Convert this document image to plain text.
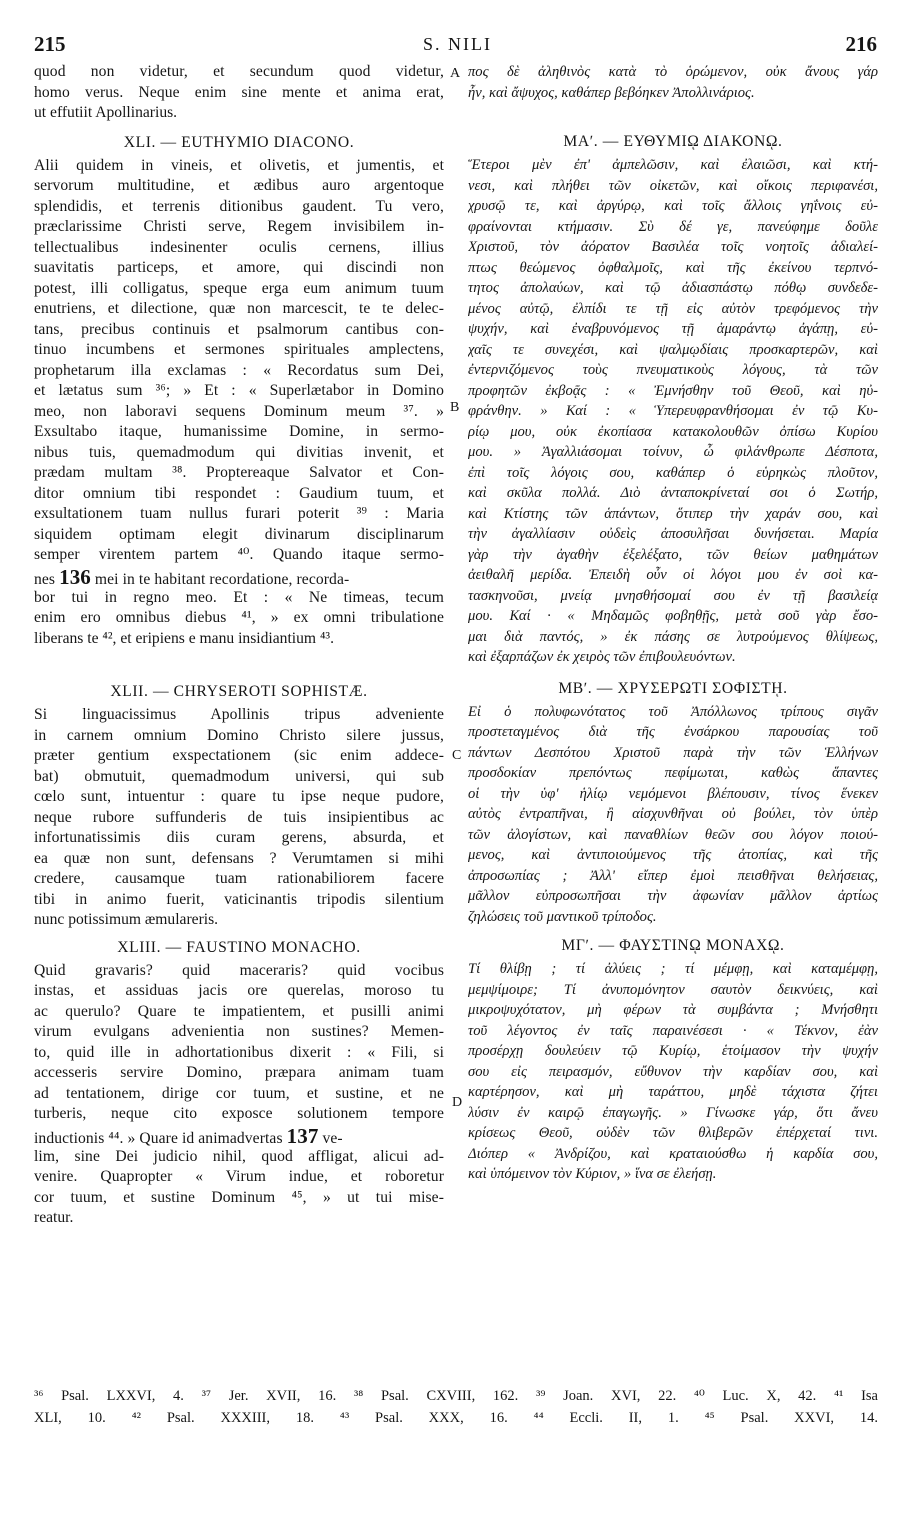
215	S. NILI	216
quod non videtur, et secundum quod videtur,
homo verus. Neque enim sine mente et anima erat,
ut effutiit Apollinarius.
XLI. — EUTHYMIO DIACONO.
Alii quidem in vineis, et olivetis, et jumentis, et
servorum multitudine, et ædibus auro argentoque
splendidis, et terrenis ditionibus gaudent. Tu vero,
præclarissime Christi serve, Regem invisibilem in-
tellectualibus indesinenter oculis cernens, illius
suavitatis particeps, et amore, qui discindi non
potest, illi colligatus, speque erga eum animum tuum
enutriens, et dilectione, quæ non marcescit, te te delec-
tans, precibus continuis et psalmorum cantibus con-
tinuo incumbens et sermones spirituales amplectens,
prophetarum illa exclamas : « Recordatus sum Dei,
et lætatus sum ³⁶; » Et : « Superlætabor in Domino
meo, non laboravi sequens Dominum meum ³⁷. »
Exsultabo itaque, humanissime Domine, in sermo-
nibus tuis, quemadmodum qui divitias invenit, et
prædam multam ³⁸. Proptereaque Salvator et Con-
ditor omnium tibi respondet : Gaudium tuum, et
exsultationem tuam nullus furari poterit ³⁹ : Maria
siquidem optimam elegit divinarum disciplinarum
semper virentem partem ⁴⁰. Quando itaque sermo-
nes 136 mei in te habitant recordatione, recorda-
bor tui in regno meo. Et : « Ne timeas, tecum
enim ero omnibus diebus ⁴¹, » ex omni tribulatione
liberans te ⁴², et eripiens e manu insidiantium ⁴³.
XLII. — CHRYSEROTI SOPHISTÆ.
Si linguacissimus Apollinis tripus adveniente
in carnem omnium Domino Christo silere jussus,
præter gentium exspectationem (sic enim addece-
bat) obmutuit, quemadmodum universi, qui sub
cœlo sunt, intuentur : quare tu ipse neque pudore,
neque rubore suffunderis de tuis insipientibus ac
infortunatissimis diis curam gerens, absurda, et
ea quæ non sunt, defensans ? Verumtamen si mihi
credere, causamque tuam rationabiliorem facere
tibi in animo fuerit, vaticinantis tripodis silentium
nunc potissimum æmulareris.
XLIII. — FAUSTINO MONACHO.
Quid gravaris? quid maceraris? quid vocibus
instas, et assiduas jacis ore querelas, moroso tu
ac querulo? Quare te impatientem, et pusilli animi
virum evulgans advenientia non sustines? Memen-
to, quid ille in adhortationibus dixerit : « Fili, si
accesseris servire Domino, præpara animam tuam
ad tentationem, dirige cor tuum, et sustine, et ne
turberis, neque cito exposce solutionem tempore
inductionis ⁴⁴. » Quare id animadvertas 137 ve-
lim, sine Dei judicio nihil, quod affligat, alicui ad-
venire. Quapropter « Virum indue, et roboretur
cor tuum, et sustine Dominum ⁴⁵, » ut tui mise-
reatur.
πος δὲ ἀληθινὸς κατὰ τὸ ὁρώμενον, οὐκ ἄνους γάρ
ἦν, καὶ ἄψυχος, καθάπερ βεβόηκεν Ἀπολλινάριος.
ΜΑʹ. — ΕΥΘΥΜΙῼ ΔΙΑΚΟΝῼ.
Ἕτεροι μὲν ἐπ' ἀμπελῶσιν, καὶ ἐλαιῶσι, καὶ κτή-
νεσι, καὶ πλήθει τῶν οἰκετῶν, καὶ οἴκοις περιφανέσι,
χρυσῷ τε, καὶ ἀργύρῳ, καὶ τοῖς ἄλλοις γηΐνοις εὐ-
φραίνονται κτήμασιν. Σὺ δέ γε, πανεύφημε δοῦλε
Χριστοῦ, τὸν ἀόρατον Βασιλέα τοῖς νοητοῖς ἀδιαλεί-
πτως θεώμενος ὀφθαλμοῖς, καὶ τῆς ἐκείνου τερπνό-
τητος ἀπολαύων, καὶ τῷ ἀδιασπάστῳ πόθῳ συνδεδε-
μένος αὐτῷ, ἐλπίδι τε τῇ εἰς αὐτὸν τρεφόμενος τὴν
ψυχήν, καὶ ἐναβρυνόμενος τῇ ἀμαράντῳ ἀγάπῃ, εὐ-
χαῖς τε συνεχέσι, καὶ ψαλμῳδίαις προσκαρτερῶν, καὶ
ἐντερνιζόμενος τοὺς πνευματικοὺς λόγους, τὰ τῶν
προφητῶν ἐκβοᾷς : « Ἐμνήσθην τοῦ Θεοῦ, καὶ ηὐ-
φράνθην. » Καί : « Ὑπερευφρανθήσομαι ἐν τῷ Κυ-
ρίῳ μου, οὐκ ἐκοπίασα κατακολουθῶν ὀπίσω Κυρίου
μου. » Ἀγαλλιάσομαι τοίνυν, ὦ φιλάνθρωπε Δέσποτα,
ἐπὶ τοῖς λόγοις σου, καθάπερ ὁ εὑρηκὼς πλοῦτον,
καὶ σκῦλα πολλά. Διὸ ἀνταποκρίνεταί σοι ὁ Σωτήρ,
καὶ Κτίστης τῶν ἁπάντων, ὅτιπερ τὴν χαράν σου, καὶ
τὴν ἀγαλλίασιν οὐδεὶς ἀποσυλῆσαι δυνήσεται. Μαρία
γὰρ τὴν ἀγαθὴν ἐξελέξατο, τῶν θείων μαθημάτων
ἀειθαλῆ μερίδα. Ἐπειδὴ οὖν οἱ λόγοι μου ἐν σοὶ κα-
τασκηνοῦσι, μνείᾳ μνησθήσομαί σου ἐν τῇ βασιλείᾳ
μου. Καί · « Μηδαμῶς φοβηθῇς, μετὰ σοῦ γὰρ ἔσο-
μαι διὰ παντός, » ἐκ πάσης σε λυτρούμενος θλίψεως,
καὶ ἐξαρπάζων ἐκ χειρὸς τῶν ἐπιβουλευόντων.
ΜΒʹ. — ΧΡΥΣΕΡΩΤΙ ΣΟΦΙΣΤῌ.
Εἰ ὁ πολυφωνότατος τοῦ Ἀπόλλωνος τρίπους σιγᾶν
προστεταγμένος διὰ τῆς ἐνσάρκου παρουσίας τοῦ
πάντων Δεσπότου Χριστοῦ παρὰ τὴν τῶν Ἑλλήνων
προσδοκίαν πρεπόντως πεφίμωται, καθὼς ἅπαντες
οἱ τὴν ὑφ' ἡλίῳ νεμόμενοι βλέπουσιν, τίνος ἕνεκεν
αὐτὸς ἐντραπῆναι, ἢ αἰσχυνθῆναι οὐ βούλει, τὸν ὑπὲρ
τῶν ἀλογίστων, καὶ παναθλίων θεῶν σου λόγον ποιού-
μενος, καὶ ἀντιποιούμενος τῆς ἀτοπίας, καὶ τῆς
ἀπροσωπίας ; Ἀλλ' εἴπερ ἐμοὶ πεισθῆναι θελήσειας,
μᾶλλον εὐπροσωπῆσαι τὴν ἀφωνίαν μᾶλλον ἀρτίως
ζηλώσεις τοῦ μαντικοῦ τρίποδος.
ΜΓʹ. — ΦΑΥΣΤΙΝῼ ΜΟΝΑΧῼ.
Τί θλίβῃ ; τί ἀλύεις ; τί μέμφῃ, καὶ καταμέμφῃ,
μεμψίμοιρε; Τί ἀνυπομόνητον σαυτὸν δεικνύεις, καὶ
μικροψυχότατον, μὴ φέρων τὰ συμβάντα ; Μνήσθητι
τοῦ λέγοντος ἐν ταῖς παραινέσεσι · « Τέκνον, ἐὰν
προσέρχῃ δουλεύειν τῷ Κυρίῳ, ἑτοίμασον τὴν ψυχήν
σου εἰς πειρασμόν, εὔθυνον τὴν καρδίαν σου, καὶ
καρτέρησον, καὶ μὴ ταράττου, μηδὲ τάχιστα ζήτει
λύσιν ἐν καιρῷ ἐπαγωγῆς. » Γίνωσκε γάρ, ὅτι ἄνευ
κρίσεως Θεοῦ, οὐδὲν τῶν θλιβερῶν ἐπέρχεταί τινι.
Διόπερ « Ἀνδρίζου, καὶ κραταιούσθω ἡ καρδία σου,
καὶ ὑπόμεινον τὸν Κύριον, » ἵνα σε ἐλεήσῃ.
A
B
C
D
³⁶ Psal. LXXVI, 4. ³⁷ Jer. XVII, 16. ³⁸ Psal. CXVIII, 162. ³⁹ Joan. XVI, 22. ⁴⁰ Luc. X, 42. ⁴¹ Isa
XLI, 10. ⁴² Psal. XXXIII, 18. ⁴³ Psal. XXX, 16. ⁴⁴ Eccli. II, 1. ⁴⁵ Psal. XXVI, 14.
